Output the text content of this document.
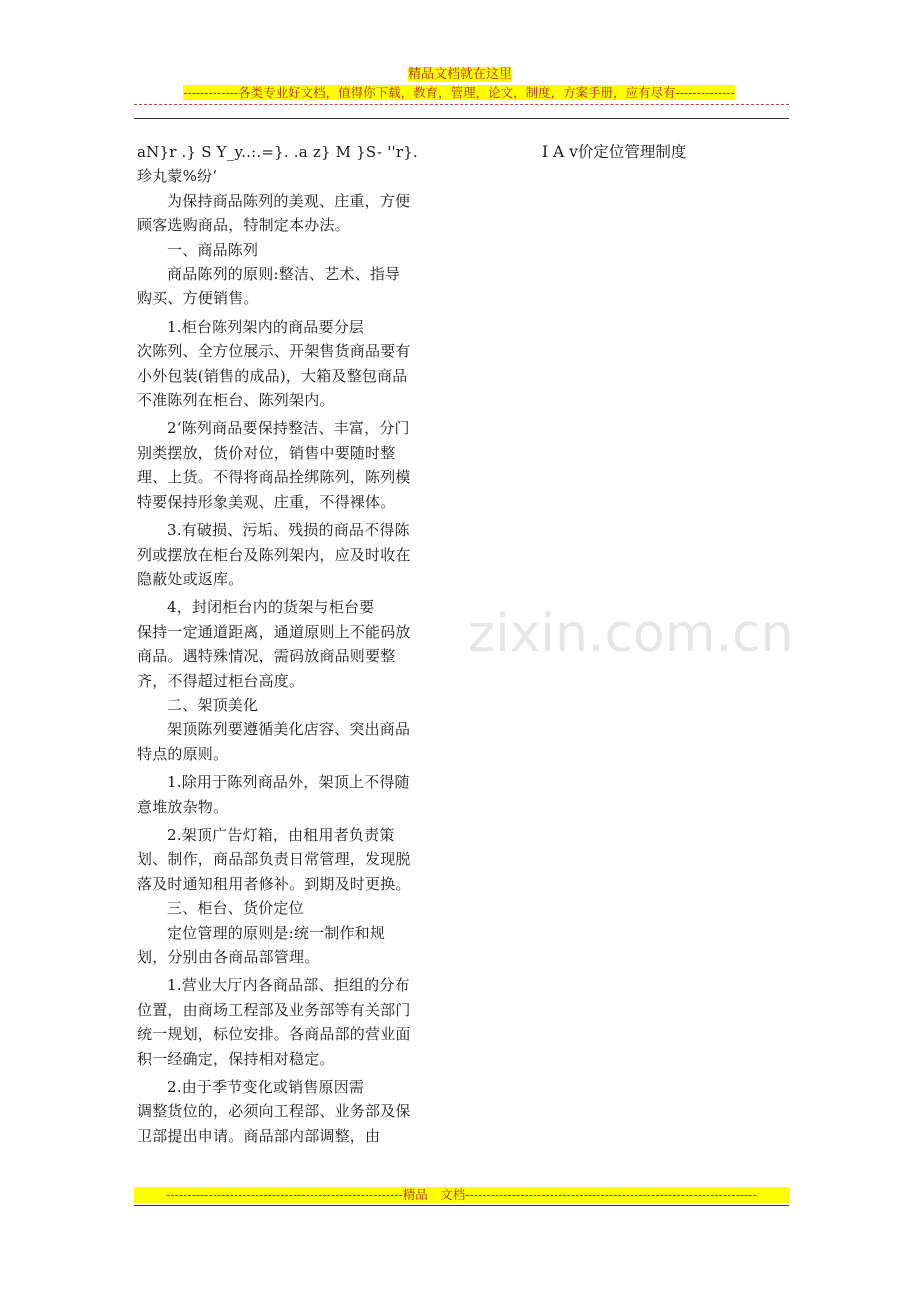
精品文档就在这里
-------------各类专业好文档，值得你下载，教育，管理，论文，制度，方案手册，应有尽有--------------
I A v价定位管理制度
zixin.com.cn

aN}r .} S Y_y..:.=}. .a z} M }S- ''r}.

珍丸蒙%纷‘

为保持商品陈列的美观、庄重，方便顾客选购商品，特制定本办法。

一、商品陈列

商品陈列的原则:整洁、艺术、指导购买、方便销售。

1.柜台陈列架内的商品要分层

次陈列、全方位展示、开架售货商品要有小外包装(销售的成品)，大箱及整包商品不准陈列在柜台、陈列架内。

2‘陈列商品要保持整洁、丰富，分门别类摆放，货价对位，销售中要随时整理、上货。不得将商品拴绑陈列，陈列模特要保持形象美观、庄重，不得裸体。

3.有破损、污垢、残损的商品不得陈列或摆放在柜台及陈列架内，应及时收在隐蔽处或返库。

4，封闭柜台内的货架与柜台要

保持一定通道距离，通道原则上不能码放商品。遇特殊情况，需码放商品则要整齐，不得超过柜台高度。

二、架顶美化

架顶陈列要遵循美化店容、突出商品特点的原则。

1.除用于陈列商品外，架顶上不得随意堆放杂物。

2.架顶广告灯箱，由租用者负责策划、制作，商品部负责日常管理，发现脱落及时通知租用者修补。到期及时更换。

三、柜台、货价定位

定位管理的原则是:统一制作和规划，分别由各商品部管理。

1.营业大厅内各商品部、拒组的分布位置，由商场工程部及业务部等有关部门统一规划，标位安排。各商品部的营业面积一经确定，保持相对稳定。

2.由于季节变化或销售原因需

调整货位的，必须向工程部、业务部及保卫部提出申请。商品部内部调整，由

--------------------------------------------------------精品　文档---------------------------------------------------------------------
